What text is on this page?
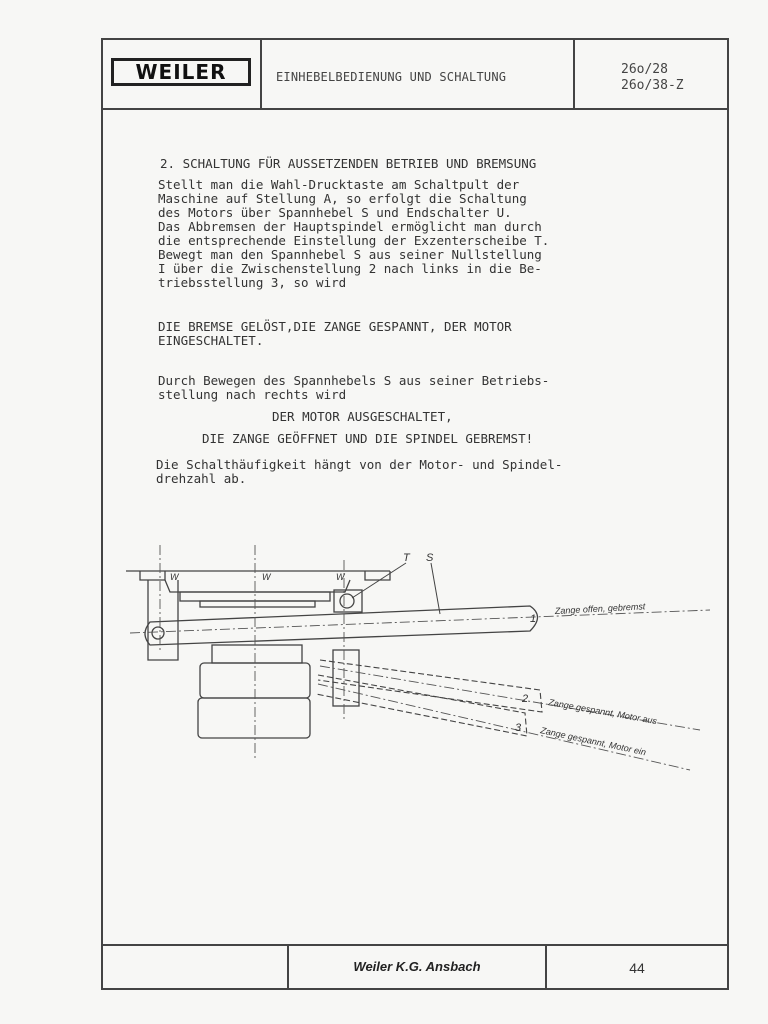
WEILER	EINHEBELBEDIENUNG UND SCHALTUNG	26o/28
26o/38-Z
Weiler K.G. Ansbach	44
2. SCHALTUNG FÜR AUSSETZENDEN BETRIEB UND BREMSUNG
Stellt man die Wahl-Drucktaste am Schaltpult der
Maschine auf Stellung A, so erfolgt die Schaltung
des Motors über Spannhebel S und Endschalter U.
Das Abbremsen der Hauptspindel ermöglicht man durch
die entsprechende Einstellung der Exzenterscheibe T.
Bewegt man den Spannhebel S aus seiner Nullstellung
I über die Zwischenstellung 2 nach links in die Be-
triebsstellung 3, so wird
DIE BREMSE GELÖST,DIE ZANGE GESPANNT, DER MOTOR
EINGESCHALTET.
Durch Bewegen des Spannhebels S aus seiner Betriebs-
stellung nach rechts wird
DER MOTOR AUSGESCHALTET,
DIE ZANGE GEÖFFNET UND DIE SPINDEL GEBREMST!
Die Schalthäufigkeit hängt von der Motor- und Spindel-
drehzahl ab.
T S
W	W	W
1
Zange offen, gebremst
2 Zange gespannt, Motor aus
3 Zange gespannt, Motor ein
